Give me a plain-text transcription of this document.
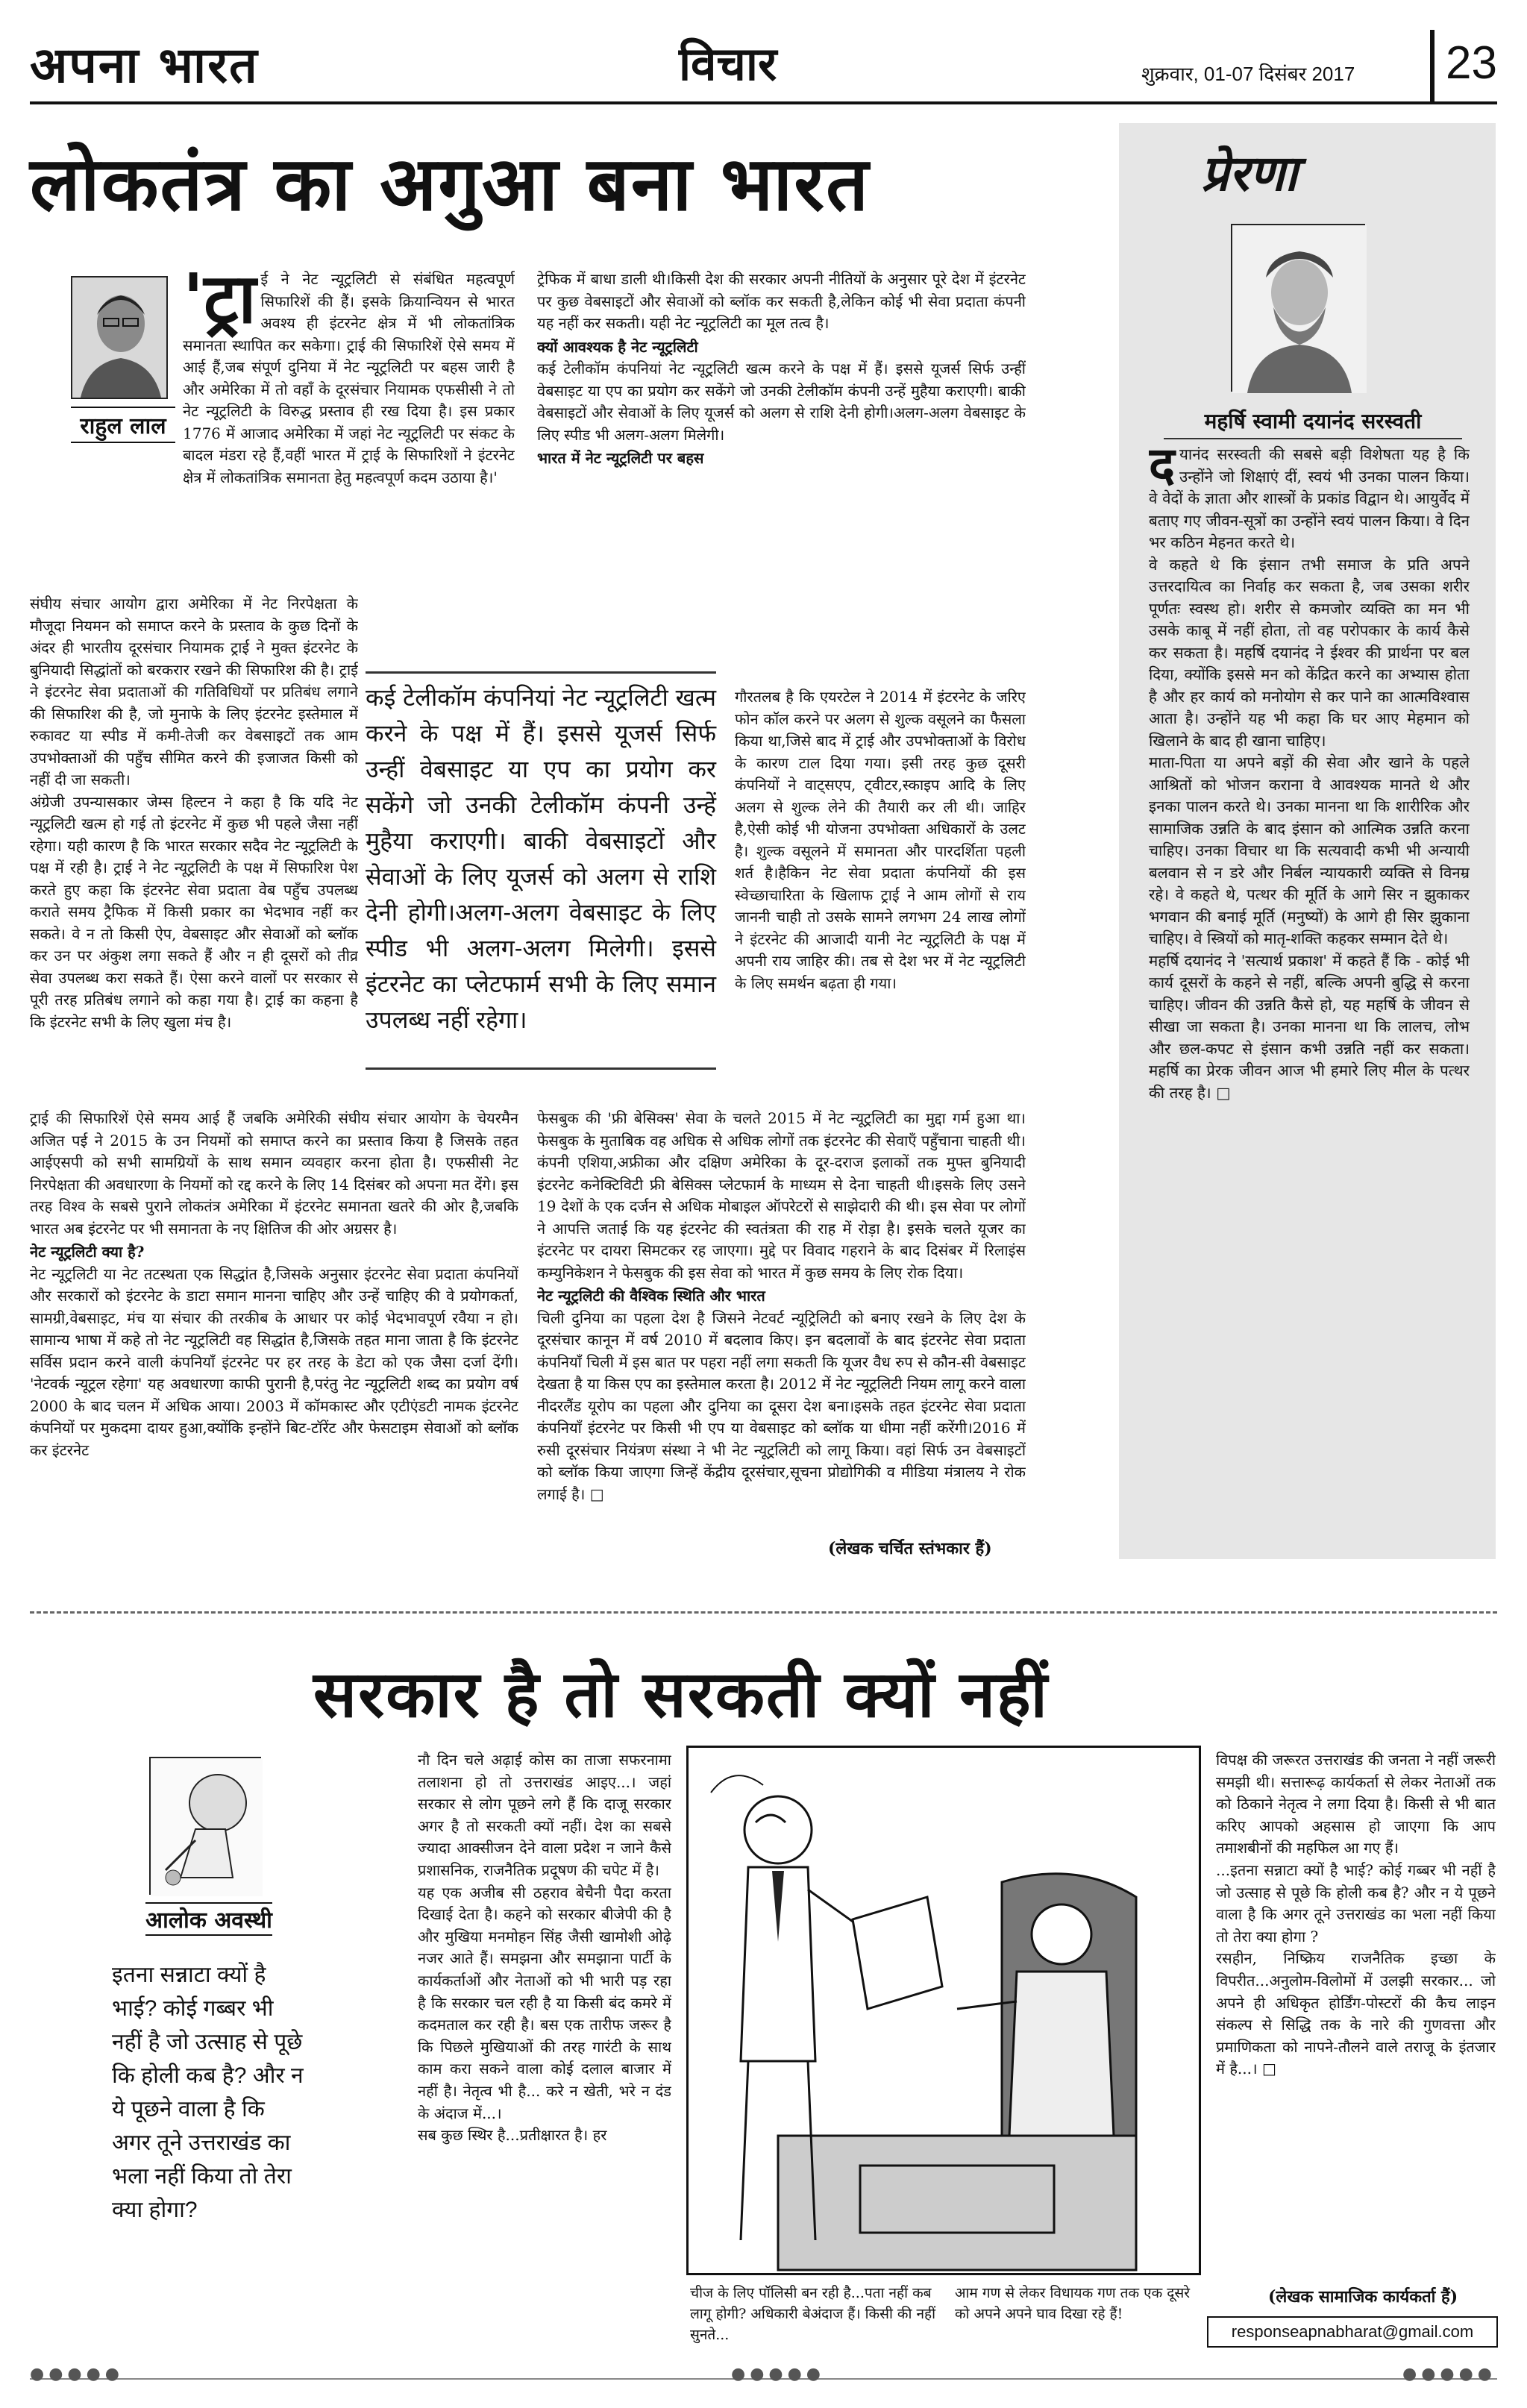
अपना भारत	विचार	शुक्रवार, 01-07 दिसंबर 2017	23
लोकतंत्र का अगुआ बना भारत
राहुल लाल
'ट्रा ई ने नेट न्यूट्रलिटी से संबंधित महत्वपूर्ण सिफारिशें की हैं। इसके क्रियान्वियन से भारत अवश्य ही इंटरनेट क्षेत्र में भी लोकतांत्रिक समानता स्थापित कर सकेगा। ट्राई की सिफारिशें ऐसे समय में आई हैं,जब संपूर्ण दुनिया में नेट न्यूट्रलिटी पर बहस जारी है और अमेरिका में तो वहाँ के दूरसंचार नियामक एफसीसी ने तो नेट न्यूट्रलिटी के विरुद्ध प्रस्ताव ही रख दिया है। इस प्रकार 1776 में आजाद अमेरिका में जहां नेट न्यूट्रलिटी पर संकट के बादल मंडरा रहे हैं,वहीं भारत में ट्राई के सिफारिशों ने इंटरनेट क्षेत्र में लोकतांत्रिक समानता हेतु महत्वपूर्ण कदम उठाया है।'

संघीय संचार आयोग द्वारा अमेरिका में नेट निरपेक्षता के मौजूदा नियमन को समाप्त करने के प्रस्ताव के कुछ दिनों के अंदर ही भारतीय दूरसंचार नियामक ट्राई ने मुक्त इंटरनेट के बुनियादी सिद्धांतों को बरकरार रखने की सिफारिश की है। ट्राई ने इंटरनेट सेवा प्रदाताओं की गतिविधियों पर प्रतिबंध लगाने की सिफारिश की है, जो मुनाफे के लिए इंटरनेट इस्तेमाल में रुकावट या स्पीड में कमी-तेजी कर वेबसाइटों तक आम उपभोक्ताओं की पहुँच सीमित करने की इजाजत किसी को नहीं दी जा सकती।

अंग्रेजी उपन्यासकार जेम्स हिल्टन ने कहा है कि यदि नेट न्यूट्रलिटी खत्म हो गई तो इंटरनेट में कुछ भी पहले जैसा नहीं रहेगा। यही कारण है कि भारत सरकार सदैव नेट न्यूट्रलिटी के पक्ष में रही है। ट्राई ने नेट न्यूट्रलिटी के पक्ष में सिफारिश पेश करते हुए कहा कि इंटरनेट सेवा प्रदाता वेब पहुँच उपलब्ध कराते समय ट्रैफिक में किसी प्रकार का भेदभाव नहीं कर सकते। वे न तो किसी ऐप, वेबसाइट और सेवाओं को ब्लॉक कर उन पर अंकुश लगा सकते हैं और न ही दूसरों को तीव्र सेवा उपलब्ध करा सकते हैं। ऐसा करने वालों पर सरकार से पूरी तरह प्रतिबंध लगाने को कहा गया है। ट्राई का कहना है कि इंटरनेट सभी के लिए खुला मंच है।

कई टेलीकॉम कंपनियां नेट न्यूट्रलिटी खत्म करने के पक्ष में हैं। इससे यूजर्स सिर्फ उन्हीं वेबसाइट या एप का प्रयोग कर सकेंगे जो उनकी टेलीकॉम कंपनी उन्हें मुहैया कराएगी। बाकी वेबसाइटों और सेवाओं के लिए यूजर्स को अलग से राशि देनी होगी।अलग-अलग वेबसाइट के लिए स्पीड भी अलग-अलग मिलेगी। इससे इंटरनेट का प्लेटफार्म सभी के लिए समान उपलब्ध नहीं रहेगा।

ट्राई की सिफारिशें ऐसे समय आई हैं जबकि अमेरिकी संघीय संचार आयोग के चेयरमैन अजित पई ने 2015 के उन नियमों को समाप्त करने का प्रस्ताव किया है जिसके तहत आईएसपी को सभी सामग्रियों के साथ समान व्यवहार करना होता है। एफसीसी नेट निरपेक्षता की अवधारणा के नियमों को रद्द करने के लिए 14 दिसंबर को अपना मत देंगे। इस तरह विश्व के सबसे पुराने लोकतंत्र अमेरिका में इंटरनेट समानता खतरे की ओर है,जबकि भारत अब इंटरनेट पर भी समानता के नए क्षितिज की ओर अग्रसर है।

नेट न्यूट्रलिटी क्या है?

नेट न्यूट्रलिटी या नेट तटस्थता एक सिद्धांत है,जिसके अनुसार इंटरनेट सेवा प्रदाता कंपनियों और सरकारों को इंटरनेट के डाटा समान मानना चाहिए और उन्हें चाहिए की वे प्रयोगकर्ता, सामग्री,वेबसाइट, मंच या संचार की तरकीब के आधार पर कोई भेदभावपूर्ण रवैया न हो। सामान्य भाषा में कहे तो नेट न्यूट्रलिटी वह सिद्धांत है,जिसके तहत माना जाता है कि इंटरनेट सर्विस प्रदान करने वाली कंपनियाँ इंटरनेट पर हर तरह के डेटा को एक जैसा दर्जा देंगी। 'नेटवर्क न्यूट्रल रहेगा' यह अवधारणा काफी पुरानी है,परंतु नेट न्यूट्रलिटी शब्द का प्रयोग वर्ष 2000 के बाद चलन में अधिक आया। 2003 में कॉमकास्ट और एटीएंडटी नामक इंटरनेट कंपनियों पर मुकदमा दायर हुआ,क्योंकि इन्होंने बिट-टॉरेंट और फेसटाइम सेवाओं को ब्लॉक कर इंटरनेट

ट्रेफिक में बाधा डाली थी।किसी देश की सरकार अपनी नीतियों के अनुसार पूरे देश में इंटरनेट पर कुछ वेबसाइटों और सेवाओं को ब्लॉक कर सकती है,लेकिन कोई भी सेवा प्रदाता कंपनी यह नहीं कर सकती। यही नेट न्यूट्रलिटी का मूल तत्व है।

क्यों आवश्यक है नेट न्यूट्रलिटी

कई टेलीकॉम कंपनियां नेट न्यूट्रलिटी खत्म करने के पक्ष में हैं। इससे यूजर्स सिर्फ उन्हीं वेबसाइट या एप का प्रयोग कर सकेंगे जो उनकी टेलीकॉम कंपनी उन्हें मुहैया कराएगी। बाकी वेबसाइटों और सेवाओं के लिए यूजर्स को अलग से राशि देनी होगी।अलग-अलग वेबसाइट के लिए स्पीड भी अलग-अलग मिलेगी।

भारत में नेट न्यूट्रलिटी पर बहस

गौरतलब है कि एयरटेल ने 2014 में इंटरनेट के जरिए फोन कॉल करने पर अलग से शुल्क वसूलने का फैसला किया था,जिसे बाद में ट्राई और उपभोक्ताओं के विरोध के कारण टाल दिया गया। इसी तरह कुछ दूसरी कंपनियों ने वाट्सएप, ट्वीटर,स्काइप आदि के लिए अलग से शुल्क लेने की तैयारी कर ली थी। जाहिर है,ऐसी कोई भी योजना उपभोक्ता अधिकारों के उलट है। शुल्क वसूलने में समानता और पारदर्शिता पहली शर्त है।हैकिन नेट सेवा प्रदाता कंपनियों की इस स्वेच्छाचारिता के खिलाफ ट्राई ने आम लोगों से राय जाननी चाही तो उसके सामने लगभग 24 लाख लोगों ने इंटरनेट की आजादी यानी नेट न्यूट्रलिटी के पक्ष में अपनी राय जाहिर की। तब से देश भर में नेट न्यूट्रलिटी के लिए समर्थन बढ़ता ही गया।

फेसबुक की 'फ्री बेसिक्स' सेवा के चलते 2015 में नेट न्यूट्रलिटी का मुद्दा गर्म हुआ था। फेसबुक के मुताबिक वह अधिक से अधिक लोगों तक इंटरनेट की सेवाएँ पहुँचाना चाहती थी। कंपनी एशिया,अफ्रीका और दक्षिण अमेरिका के दूर-दराज इलाकों तक मुफ्त बुनियादी इंटरनेट कनेक्टिविटी फ्री बेसिक्स प्लेटफार्म के माध्यम से देना चाहती थी।इसके लिए उसने 19 देशों के एक दर्जन से अधिक मोबाइल ऑपरेटरों से साझेदारी की थी। इस सेवा पर लोगों ने आपत्ति जताई कि यह इंटरनेट की स्वतंत्रता की राह में रोड़ा है। इसके चलते यूजर का इंटरनेट पर दायरा सिमटकर रह जाएगा। मुद्दे पर विवाद गहराने के बाद दिसंबर में रिलाइंस कम्युनिकेशन ने फेसबुक की इस सेवा को भारत में कुछ समय के लिए रोक दिया।

नेट न्यूट्रलिटी की वैश्विक स्थिति और भारत

चिली दुनिया का पहला देश है जिसने नेटवर्ट न्यूट्रिलिटी को बनाए रखने के लिए देश के दूरसंचार कानून में वर्ष 2010 में बदलाव किए। इन बदलावों के बाद इंटरनेट सेवा प्रदाता कंपनियाँ चिली में इस बात पर पहरा नहीं लगा सकती कि यूजर वैध रुप से कौन-सी वेबसाइट देखता है या किस एप का इस्तेमाल करता है। 2012 में नेट न्यूट्रलिटी नियम लागू करने वाला नीदरलैंड यूरोप का पहला और दुनिया का दूसरा देश बना।इसके तहत इंटरनेट सेवा प्रदाता कंपनियाँ इंटरनेट पर किसी भी एप या वेबसाइट को ब्लॉक या धीमा नहीं करेंगी।2016 में रुसी दूरसंचार नियंत्रण संस्था ने भी नेट न्यूट्रलिटी को लागू किया। वहां सिर्फ उन वेबसाइटों को ब्लॉक किया जाएगा जिन्हें केंद्रीय दूरसंचार,सूचना प्रोद्योगिकी व मीडिया मंत्रालय ने रोक लगाई है। □

(लेखक चर्चित स्तंभकार हैं)
प्रेरणा
महर्षि स्वामी दयानंद सरस्वती
द यानंद सरस्वती की सबसे बड़ी विशेषता यह है कि उन्होंने जो शिक्षाएं दीं, स्वयं भी उनका पालन किया। वे वेदों के ज्ञाता और शास्त्रों के प्रकांड विद्वान थे। आयुर्वेद में बताए गए जीवन-सूत्रों का उन्होंने स्वयं पालन किया। वे दिन भर कठिन मेहनत करते थे।

वे कहते थे कि इंसान तभी समाज के प्रति अपने उत्तरदायित्व का निर्वाह कर सकता है, जब उसका शरीर पूर्णतः स्वस्थ हो। शरीर से कमजोर व्यक्ति का मन भी उसके काबू में नहीं होता, तो वह परोपकार के कार्य कैसे कर सकता है। महर्षि दयानंद ने ईश्वर की प्रार्थना पर बल दिया, क्योंकि इससे मन को केंद्रित करने का अभ्यास होता है और हर कार्य को मनोयोग से कर पाने का आत्मविश्वास आता है। उन्होंने यह भी कहा कि घर आए मेहमान को खिलाने के बाद ही खाना चाहिए।

माता-पिता या अपने बड़ों की सेवा और खाने के पहले आश्रितों को भोजन कराना वे आवश्यक मानते थे और इनका पालन करते थे। उनका मानना था कि शारीरिक और सामाजिक उन्नति के बाद इंसान को आत्मिक उन्नति करना चाहिए। उनका विचार था कि सत्यवादी कभी भी अन्यायी बलवान से न डरे और निर्बल न्यायकारी व्यक्ति से विनम्र रहे। वे कहते थे, पत्थर की मूर्ति के आगे सिर न झुकाकर भगवान की बनाई मूर्ति (मनुष्यों) के आगे ही सिर झुकाना चाहिए। वे स्त्रियों को मातृ-शक्ति कहकर सम्मान देते थे।

महर्षि दयानंद ने 'सत्यार्थ प्रकाश' में कहते हैं कि - कोई भी कार्य दूसरों के कहने से नहीं, बल्कि अपनी बुद्धि से करना चाहिए। जीवन की उन्नति कैसे हो, यह महर्षि के जीवन से सीखा जा सकता है। उनका मानना था कि लालच, लोभ और छल-कपट से इंसान कभी उन्नति नहीं कर सकता। महर्षि का प्रेरक जीवन आज भी हमारे लिए मील के पत्थर की तरह है। □

सरकार है तो सरकती क्यों नहीं
आलोक अवस्थी
इतना सन्नाटा क्यों है भाई? कोई गब्बर भी नहीं है जो उत्साह से पूछे कि होली कब है? और न ये पूछने वाला है कि अगर तूने उत्तराखंड का भला नहीं किया तो तेरा क्या होगा?

नौ दिन चले अढ़ाई कोस का ताजा सफरनामा तलाशना हो तो उत्तराखंड आइए...। जहां सरकार से लोग पूछने लगे हैं कि दाजू सरकार अगर है तो सरकती क्यों नहीं। देश का सबसे ज्यादा आक्सीजन देने वाला प्रदेश न जाने कैसे प्रशासनिक, राजनैतिक प्रदूषण की चपेट में है।

यह एक अजीब सी ठहराव बेचैनी पैदा करता दिखाई देता है। कहने को सरकार बीजेपी की है और मुखिया मनमोहन सिंह जैसी खामोशी ओढ़े नजर आते हैं। समझना और समझाना पार्टी के कार्यकर्ताओं और नेताओं को भी भारी पड़ रहा है कि सरकार चल रही है या किसी बंद कमरे में कदमताल कर रही है। बस एक तारीफ जरूर है कि पिछले मुखियाओं की तरह गारंटी के साथ काम करा सकने वाला कोई दलाल बाजार में नहीं है। नेतृत्व भी है... करे न खेती, भरे न दंड के अंदाज में...।

सब कुछ स्थिर है...प्रतीक्षारत है। हर

चीज के लिए पॉलिसी बन रही है...पता नहीं कब लागू होगी? अधिकारी बेअंदाज हैं। किसी की नहीं सुनते...
आम गण से लेकर विधायक गण तक एक दूसरे को अपने अपने घाव दिखा रहे हैं!

विपक्ष की जरूरत उत्तराखंड की जनता ने नहीं जरूरी समझी थी। सत्तारूढ़ कार्यकर्ता से लेकर नेताओं तक को ठिकाने नेतृत्व ने लगा दिया है। किसी से भी बात करिए आपको अहसास हो जाएगा कि आप तमाशबीनों की महफिल आ गए हैं।

...इतना सन्नाटा क्यों है भाई? कोई गब्बर भी नहीं है जो उत्साह से पूछे कि होली कब है? और न ये पूछने वाला है कि अगर तूने उत्तराखंड का भला नहीं किया तो तेरा क्या होगा ?

रसहीन, निष्क्रिय राजनैतिक इच्छा के विपरीत...अनुलोम-विलोमों में उलझी सरकार... जो अपने ही अधिकृत होर्डिंग-पोस्टरों की कैच लाइन संकल्प से सिद्धि तक के नारे की गुणवत्ता और प्रमाणिकता को नापने-तौलने वाले तराजू के इंतजार में है...। □

(लेखक सामाजिक कार्यकर्ता हैं)
responseapnabharat@gmail.com
●●●●●	●●●●●	●●●●●
